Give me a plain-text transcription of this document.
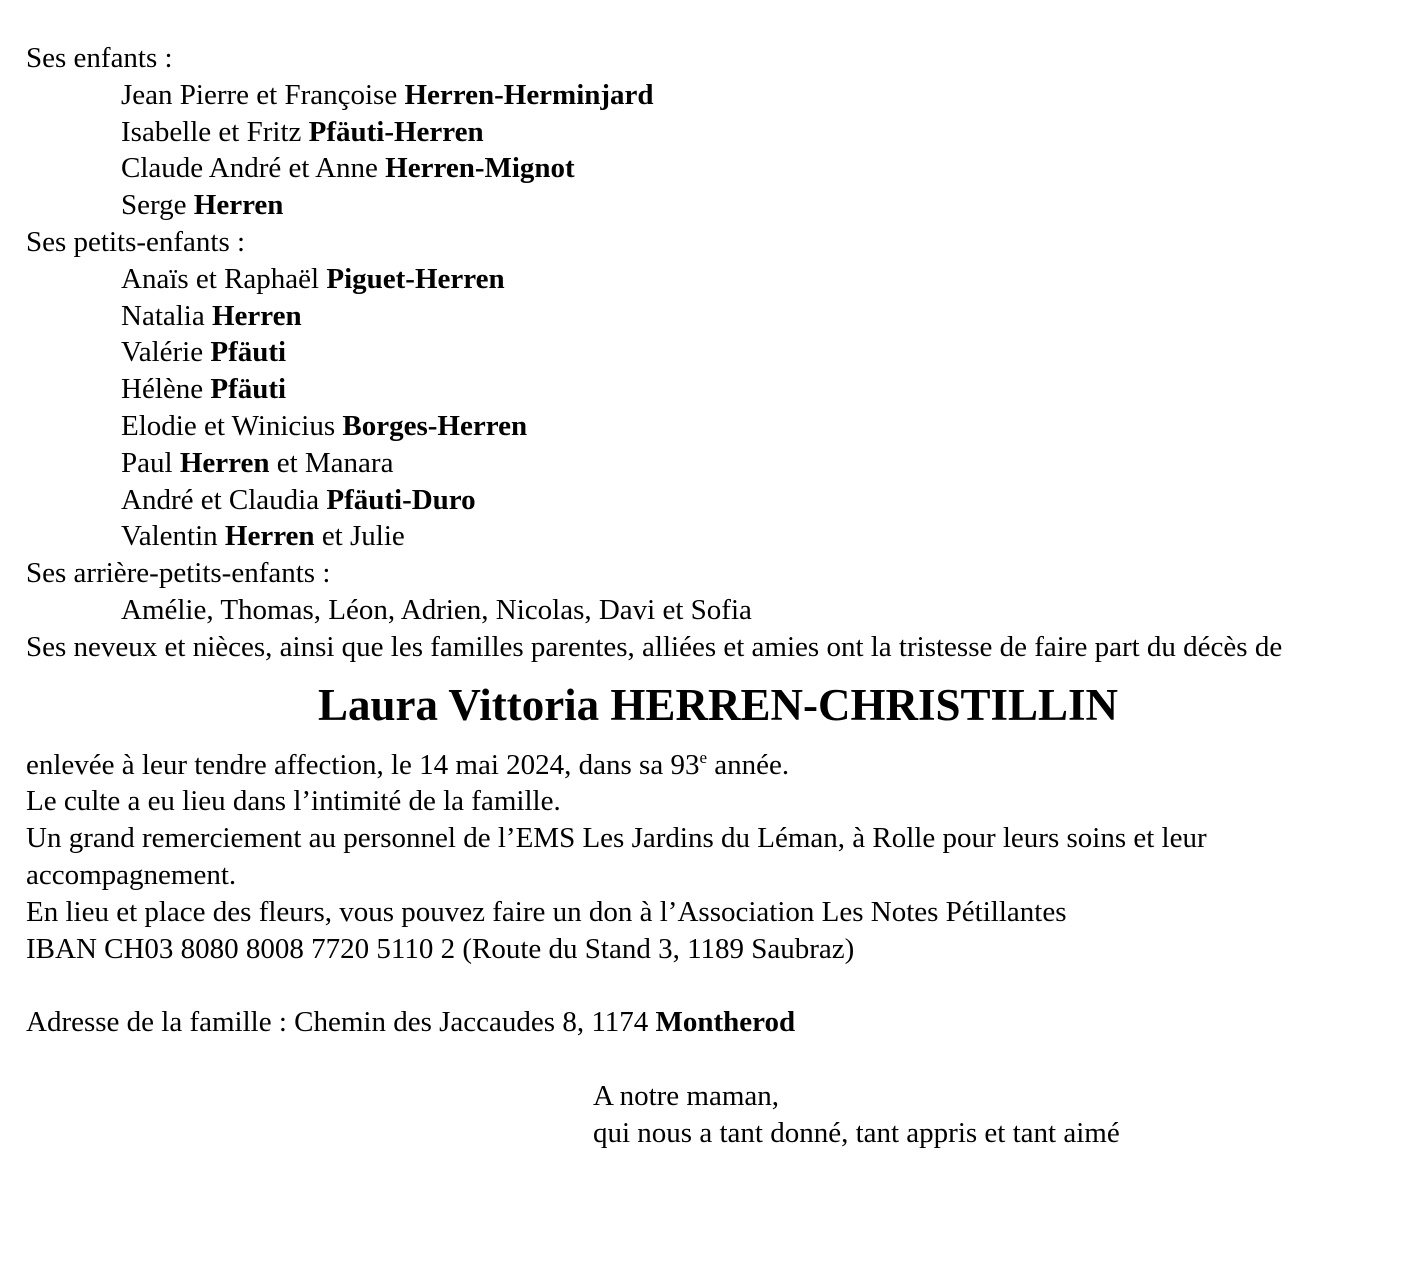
Ses enfants :
Jean Pierre et Françoise Herren-Herminjard
Isabelle et Fritz Pfäuti-Herren
Claude André et Anne Herren-Mignot
Serge Herren
Ses petits-enfants :
Anaïs et Raphaël Piguet-Herren
Natalia Herren
Valérie Pfäuti
Hélène Pfäuti
Elodie et Winicius Borges-Herren
Paul Herren et Manara
André et Claudia Pfäuti-Duro
Valentin Herren et Julie
Ses arrière-petits-enfants :
Amélie, Thomas, Léon, Adrien, Nicolas, Davi et Sofia
Ses neveux et nièces, ainsi que les familles parentes, alliées et amies ont la tristesse de faire part du décès de
Laura Vittoria HERREN-CHRISTILLIN
enlevée à leur tendre affection, le 14 mai 2024, dans sa 93e année.
Le culte a eu lieu dans l’intimité de la famille.
Un grand remerciement au personnel de l’EMS Les Jardins du Léman, à Rolle pour leurs soins et leur accompagnement.
En lieu et place des fleurs, vous pouvez faire un don à l’Association Les Notes Pétillantes
IBAN CH03 8080 8008 7720 5110 2 (Route du Stand 3, 1189 Saubraz)
Adresse de la famille : Chemin des Jaccaudes 8, 1174 Montherod
A notre maman,
qui nous a tant donné, tant appris et tant aimé
